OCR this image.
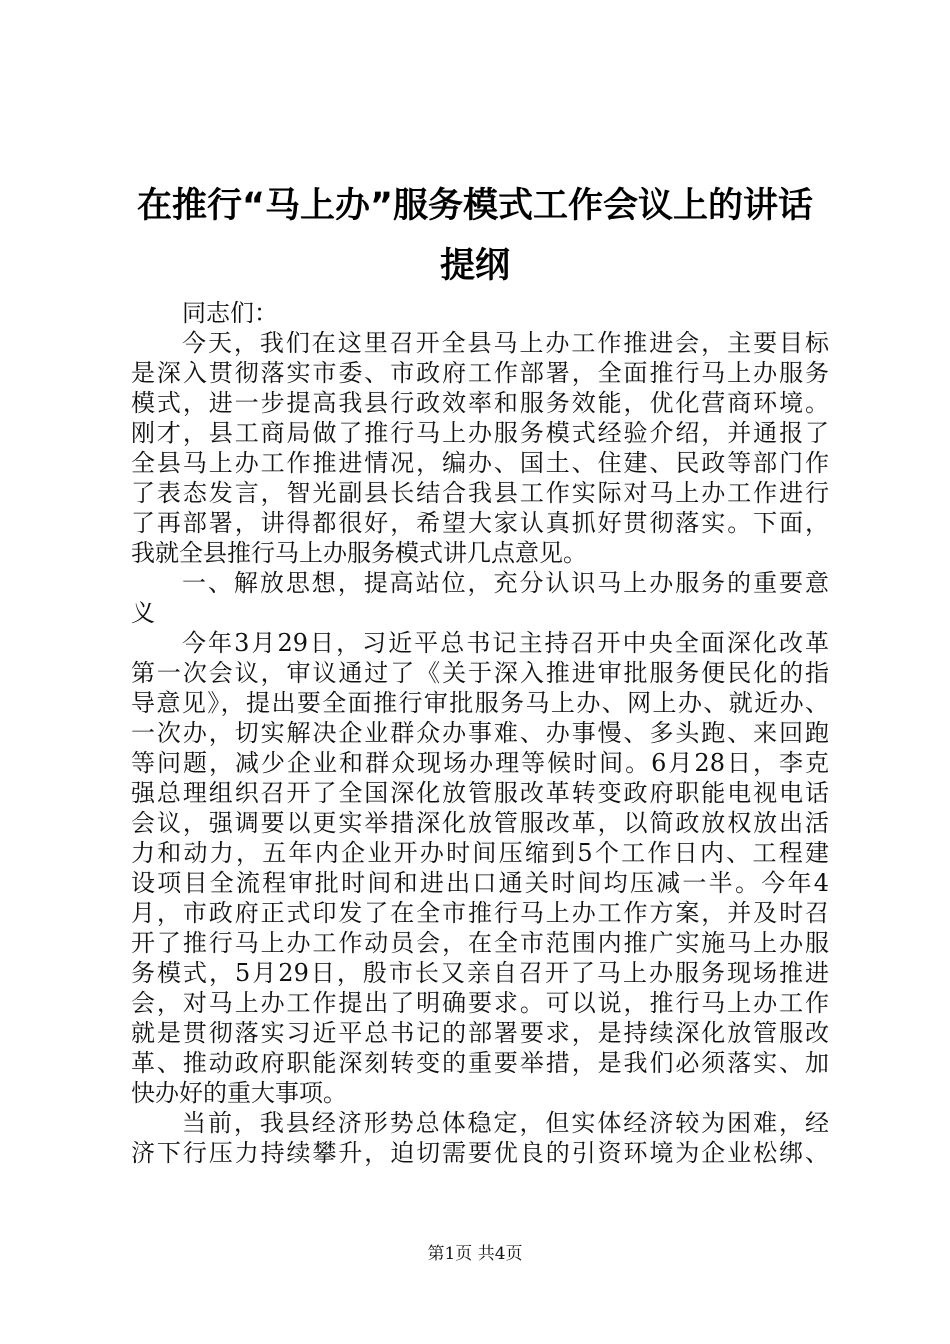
在推行“马上办”服务模式工作会议上的讲话
提纲
同志们：
今天，我们在这里召开全县马上办工作推进会，主要目标
是深入贯彻落实市委、市政府工作部署，全面推行马上办服务
模式，进一步提高我县行政效率和服务效能，优化营商环境。
刚才，县工商局做了推行马上办服务模式经验介绍，并通报了
全县马上办工作推进情况，编办、国土、住建、民政等部门作
了表态发言，智光副县长结合我县工作实际对马上办工作进行
了再部署，讲得都很好，希望大家认真抓好贯彻落实。下面，
我就全县推行马上办服务模式讲几点意见。
一、解放思想，提高站位，充分认识马上办服务的重要意
义
今年3月29日，习近平总书记主持召开中央全面深化改革
第一次会议，审议通过了《关于深入推进审批服务便民化的指
导意见》，提出要全面推行审批服务马上办、网上办、就近办、
一次办，切实解决企业群众办事难、办事慢、多头跑、来回跑
等问题，减少企业和群众现场办理等候时间。6月28日，李克
强总理组织召开了全国深化放管服改革转变政府职能电视电话
会议，强调要以更实举措深化放管服改革，以简政放权放出活
力和动力，五年内企业开办时间压缩到5个工作日内、工程建
设项目全流程审批时间和进出口通关时间均压减一半。今年4
月，市政府正式印发了在全市推行马上办工作方案，并及时召
开了推行马上办工作动员会，在全市范围内推广实施马上办服
务模式，5月29日，殷市长又亲自召开了马上办服务现场推进
会，对马上办工作提出了明确要求。可以说，推行马上办工作
就是贯彻落实习近平总书记的部署要求，是持续深化放管服改
革、推动政府职能深刻转变的重要举措，是我们必须落实、加
快办好的重大事项。
当前，我县经济形势总体稳定，但实体经济较为困难，经
济下行压力持续攀升，迫切需要优良的引资环境为企业松绑、
第1页 共4页
